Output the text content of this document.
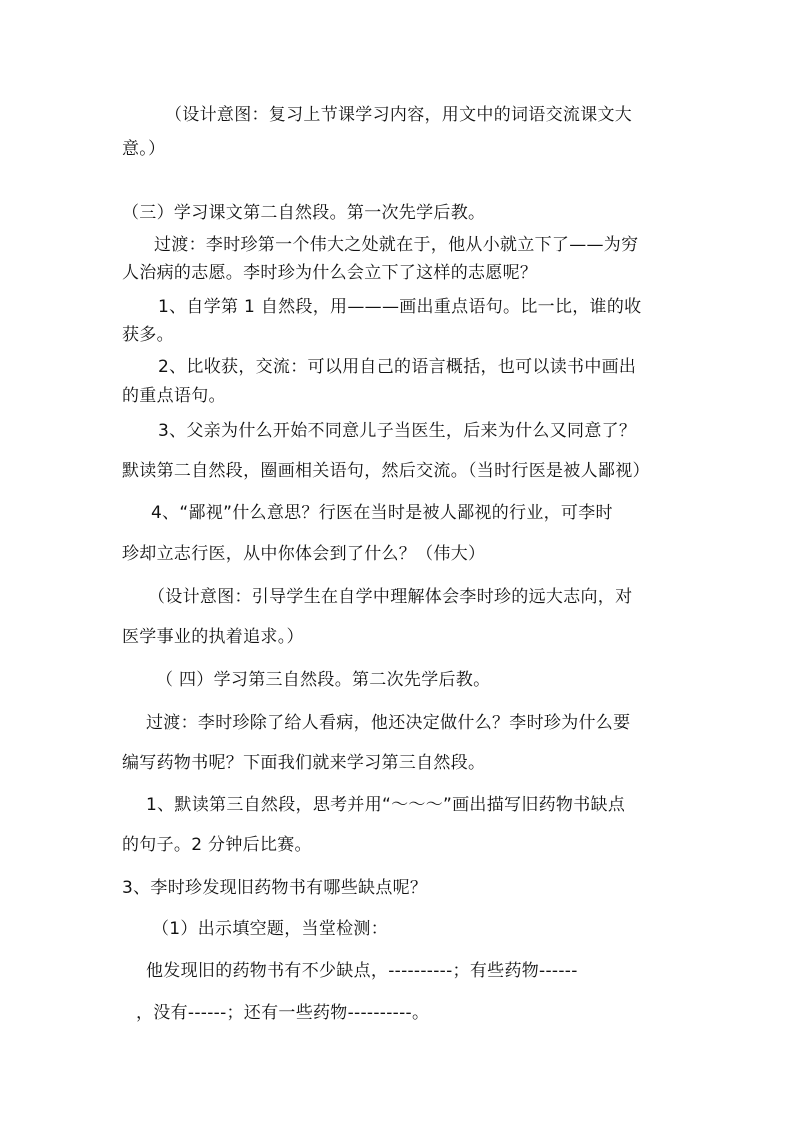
（设计意图：复习上节课学习内容，用文中的词语交流课文大
意。）
（三）学习课文第二自然段。第一次先学后教。
过渡：李时珍第一个伟大之处就在于，他从小就立下了——为穷
人治病的志愿。李时珍为什么会立下了这样的志愿呢？
1、自学第 1 自然段，用———画出重点语句。比一比，谁的收
获多。
2、比收获，交流：可以用自己的语言概括，也可以读书中画出
的重点语句。
3、父亲为什么开始不同意儿子当医生，后来为什么又同意了？
默读第二自然段，圈画相关语句，然后交流。（当时行医是被人鄙视）
4、“鄙视”什么意思？行医在当时是被人鄙视的行业，可李时
珍却立志行医，从中你体会到了什么？（伟大）
（设计意图：引导学生在自学中理解体会李时珍的远大志向，对
医学事业的执着追求。）
（ 四）学习第三自然段。第二次先学后教。
过渡：李时珍除了给人看病，他还决定做什么？李时珍为什么要
编写药物书呢？下面我们就来学习第三自然段。
1、默读第三自然段，思考并用“～～～”画出描写旧药物书缺点
的句子。2 分钟后比赛。
3、李时珍发现旧药物书有哪些缺点呢？
（1）出示填空题，当堂检测：
他发现旧的药物书有不少缺点，----------；有些药物------
，没有------；还有一些药物----------。
